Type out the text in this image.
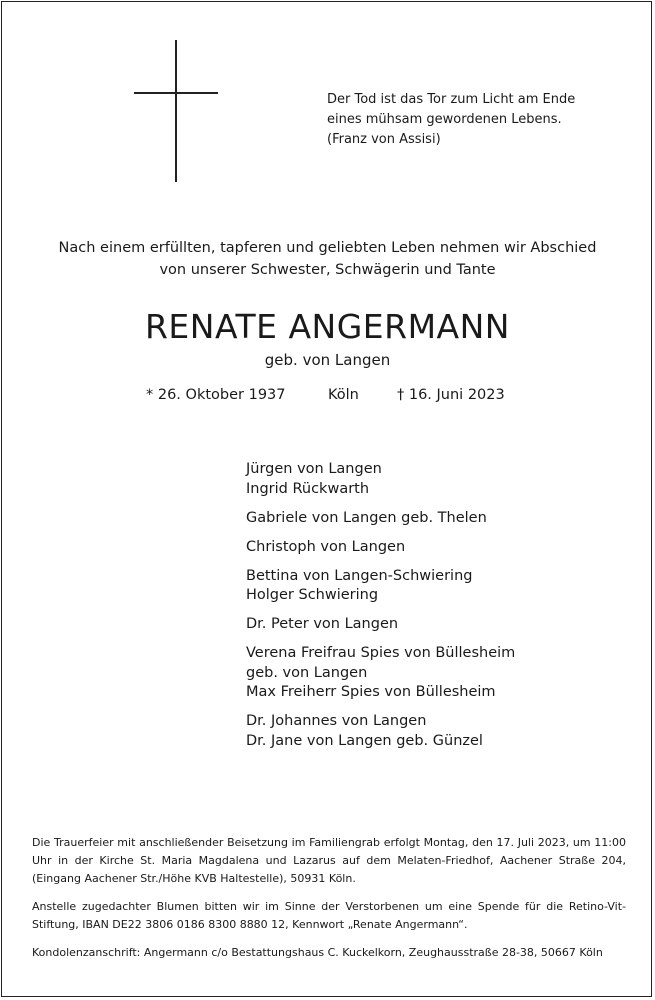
Der Tod ist das Tor zum Licht am Ende
eines mühsam gewordenen Lebens.
(Franz von Assisi)
Nach einem erfüllten, tapferen und geliebten Leben nehmen wir Abschied
von unserer Schwester, Schwägerin und Tante
RENATE ANGERMANN
geb. von Langen
* 26. Oktober 1937	Köln	† 16. Juni 2023
Jürgen von Langen
Ingrid Rückwarth
Gabriele von Langen geb. Thelen
Christoph von Langen
Bettina von Langen-Schwiering
Holger Schwiering
Dr. Peter von Langen
Verena Freifrau Spies von Büllesheim
geb. von Langen
Max Freiherr Spies von Büllesheim
Dr. Johannes von Langen
Dr. Jane von Langen geb. Günzel

Die Trauerfeier mit anschließender Beisetzung im Familiengrab erfolgt Montag, den 17. Juli 2023, um 11:00 Uhr in der Kirche St. Maria Magdalena und Lazarus auf dem Melaten-Friedhof, Aachener Straße 204, (Eingang Aachener Str./Höhe KVB Haltestelle), 50931 Köln.

Anstelle zugedachter Blumen bitten wir im Sinne der Verstorbenen um eine Spende für die Retino-Vit-Stiftung, IBAN DE22 3806 0186 8300 8880 12, Kennwort „Renate Angermann“.

Kondolenzanschrift: Angermann c/o Bestattungshaus C. Kuckelkorn, Zeughausstraße 28-38, 50667 Köln
